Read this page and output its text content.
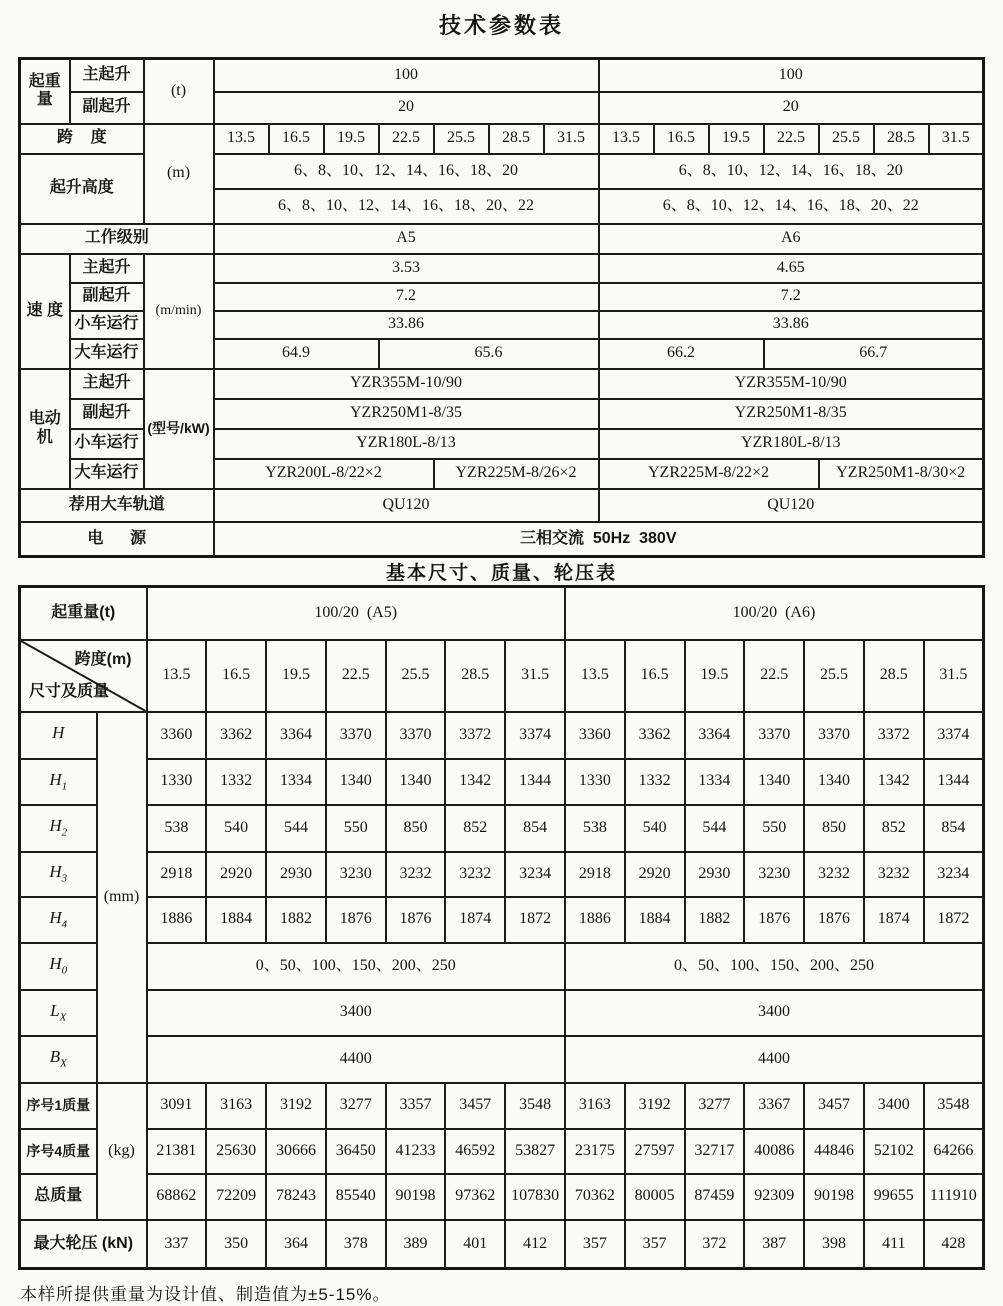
技术参数表
起重量	主起升	(t)	100							100						
	副起升		20							20						
跨    度		(m)	13.5	16.5	19.5	22.5	25.5	28.5	31.5	13.5	16.5	19.5	22.5	25.5	28.5	31.5
起升高度			6、8、10、12、14、16、18、20							6、8、10、12、14、16、18、20						
			6、8、10、12、14、16、18、20、22							6、8、10、12、14、16、18、20、22						
工作级别			A5							A6						
速 度	主起升	(m/min)	3.53							4.65						
	副起升		7.2							7.2						
	小车运行		33.86							33.86						
	大车运行		64.9			65.6				66.2			66.7			
电动机	主起升	(型号/kW)	YZR355M-10/90							YZR355M-10/90						
	副起升		YZR250M1-8/35							YZR250M1-8/35						
	小车运行		YZR180L-8/13							YZR180L-8/13						
	大车运行		YZR200L-8/22×2				YZR225M-8/26×2			YZR225M-8/22×2				YZR250M1-8/30×2		
荐用大车轨道			QU120							QU120						
电      源			三相交流  50Hz  380V													
基本尺寸、质量、轮压表
起重量(t)		100/20  (A5)							100/20  (A6)						

跨度(m)
尺寸及质量		13.5	16.5	19.5	22.5	25.5	28.5	31.5	13.5	16.5	19.5	22.5	25.5	28.5	31.5
H	(mm)	3360	3362	3364	3370	3370	3372	3374	3360	3362	3364	3370	3370	3372	3374
$H_1$		1330	1332	1334	1340	1340	1342	1344	1330	1332	1334	1340	1340	1342	1344
$H_2$		538	540	544	550	850	852	854	538	540	544	550	850	852	854
$H_3$		2918	2920	2930	3230	3232	3232	3234	2918	2920	2930	3230	3232	3232	3234
$H_4$		1886	1884	1882	1876	1876	1874	1872	1886	1884	1882	1876	1876	1874	1872
$H_0$		0、50、100、150、200、250							0、50、100、150、200、250						
$L_X$		3400							3400						
$B_X$		4400							4400						
序号1质量	(kg)	3091	3163	3192	3277	3357	3457	3548	3163	3192	3277	3367	3457	3400	3548
序号4质量		21381	25630	30666	36450	41233	46592	53827	23175	27597	32717	40086	44846	52102	64266
总质量		68862	72209	78243	85540	90198	97362	107830	70362	80005	87459	92309	90198	99655	111910
最大轮压 (kN)		337	350	364	378	389	401	412	357	357	372	387	398	411	428
本样所提供重量为设计值、制造值为±5-15%。
